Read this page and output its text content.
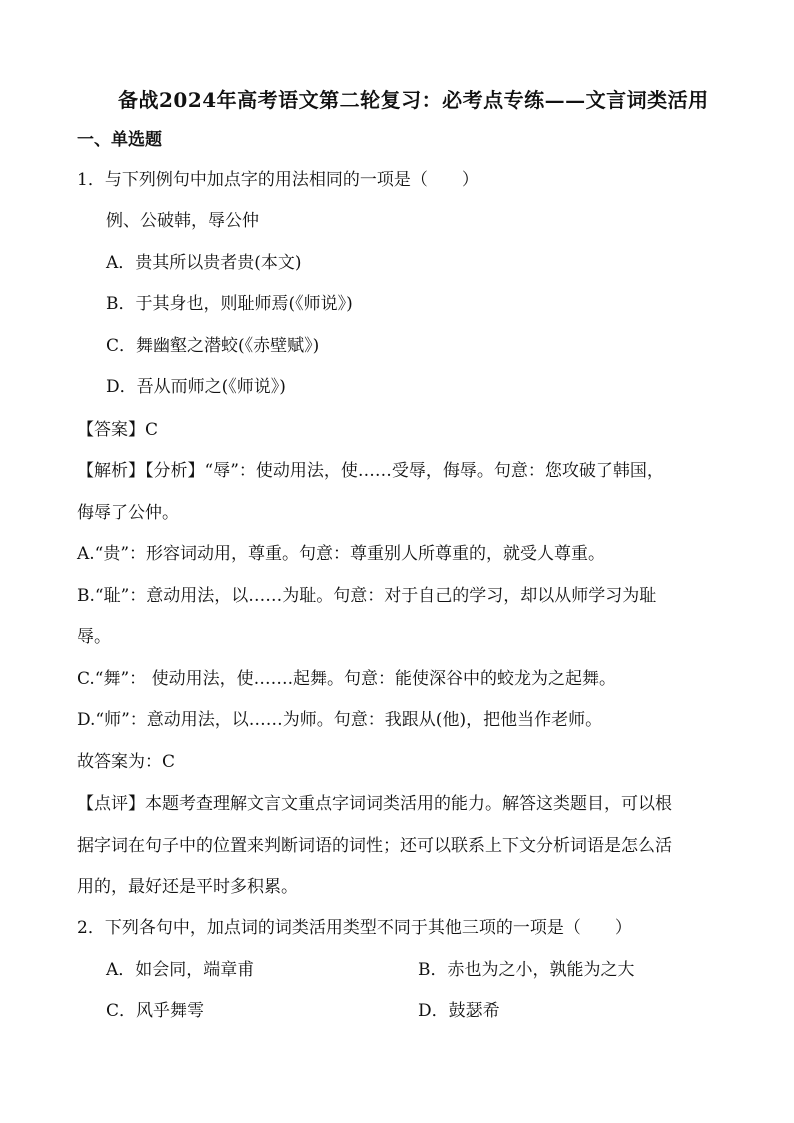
备战2024年高考语文第二轮复习：必考点专练——文言词类活用
一、单选题
1．与下列例句中加点字的用法相同的一项是（　　）
例、公破韩，辱公仲
A．贵其所以贵者贵(本文)
B．于其身也，则耻师焉(《师说》)
C．舞幽壑之潜蛟(《赤壁赋》)
D．吾从而师之(《师说》)
【答案】C
【解析】【分析】“辱”：使动用法，使……受辱，侮辱。句意：您攻破了韩国，
侮辱了公仲。
A.“贵”：形容词动用，尊重。句意：尊重别人所尊重的，就受人尊重。
B.“耻”：意动用法，以……为耻。句意：对于自己的学习，却以从师学习为耻
辱。
C.“舞”： 使动用法，使…….起舞。句意：能使深谷中的蛟龙为之起舞。
D.“师”：意动用法，以……为师。句意：我跟从(他)，把他当作老师。
故答案为：C
【点评】本题考查理解文言文重点字词词类活用的能力。解答这类题目，可以根
据字词在句子中的位置来判断词语的词性；还可以联系上下文分析词语是怎么活
用的，最好还是平时多积累。
2．下列各句中，加点词的词类活用类型不同于其他三项的一项是（　　）
A．如会同，端章甫	B．赤也为之小，孰能为之大
C．风乎舞雩	D．鼓瑟希
